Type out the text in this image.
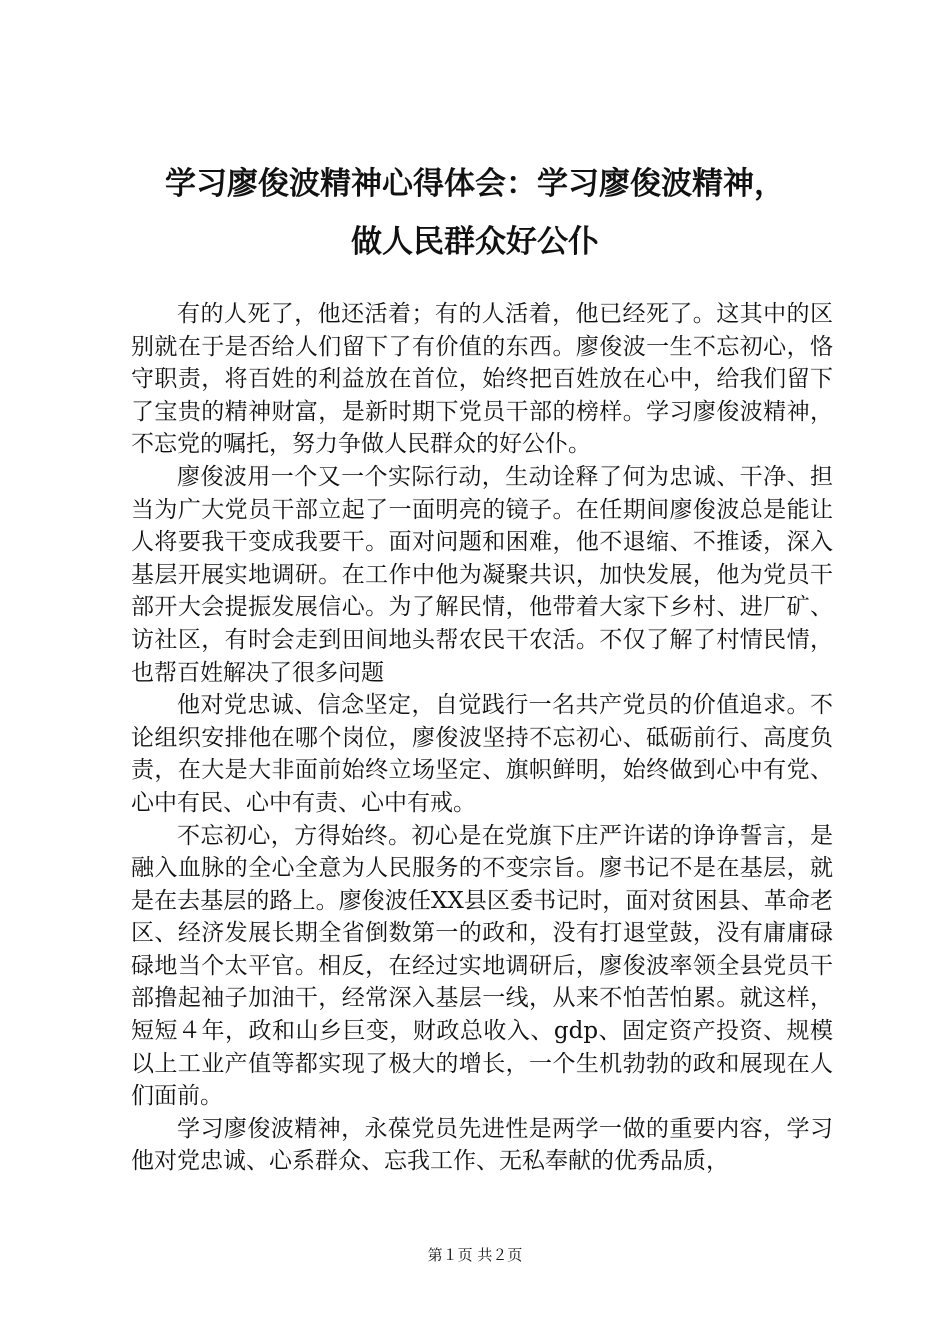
学习廖俊波精神心得体会：学习廖俊波精神，
做人民群众好公仆

有的人死了，他还活着；有的人活着，他已经死了。这其中的区别就在于是否给人们留下了有价值的东西。廖俊波一生不忘初心，恪守职责，将百姓的利益放在首位，始终把百姓放在心中，给我们留下了宝贵的精神财富，是新时期下党员干部的榜样。学习廖俊波精神，不忘党的嘱托，努力争做人民群众的好公仆。

廖俊波用一个又一个实际行动，生动诠释了何为忠诚、干净、担当为广大党员干部立起了一面明亮的镜子。在任期间廖俊波总是能让人将要我干变成我要干。面对问题和困难，他不退缩、不推诿，深入基层开展实地调研。在工作中他为凝聚共识，加快发展，他为党员干部开大会提振发展信心。为了解民情，他带着大家下乡村、进厂矿、访社区，有时会走到田间地头帮农民干农活。不仅了解了村情民情，也帮百姓解决了很多问题

他对党忠诚、信念坚定，自觉践行一名共产党员的价值追求。不论组织安排他在哪个岗位，廖俊波坚持不忘初心、砥砺前行、高度负责，在大是大非面前始终立场坚定、旗帜鲜明，始终做到心中有党、心中有民、心中有责、心中有戒。

不忘初心，方得始终。初心是在党旗下庄严许诺的诤诤誓言，是融入血脉的全心全意为人民服务的不变宗旨。廖书记不是在基层，就是在去基层的路上。廖俊波任XX县区委书记时，面对贫困县、革命老区、经济发展长期全省倒数第一的政和，没有打退堂鼓，没有庸庸碌碌地当个太平官。相反，在经过实地调研后，廖俊波率领全县党员干部撸起袖子加油干，经常深入基层一线，从来不怕苦怕累。就这样，短短４年，政和山乡巨变，财政总收入、gdp、固定资产投资、规模以上工业产值等都实现了极大的增长，一个生机勃勃的政和展现在人们面前。

学习廖俊波精神，永葆党员先进性是两学一做的重要内容，学习他对党忠诚、心系群众、忘我工作、无私奉献的优秀品质，

第１页 共２页
